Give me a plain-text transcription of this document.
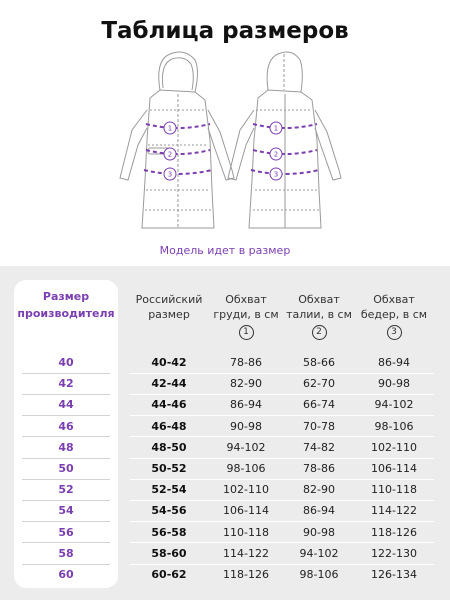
Таблица размеров
1
2
3
1
2
3
Модель идет в размер
Размер
производителя
Российский
размер
Обхват
груди, в см
1
Обхват
талии, в см
2
Обхват
бедер, в см
3
40	40-42	78-86	58-66	86-94
42	42-44	82-90	62-70	90-98
44	44-46	86-94	66-74	94-102
46	46-48	90-98	70-78	98-106
48	48-50	94-102	74-82	102-110
50	50-52	98-106	78-86	106-114
52	52-54	102-110	82-90	110-118
54	54-56	106-114	86-94	114-122
56	56-58	110-118	90-98	118-126
58	58-60	114-122	94-102	122-130
60	60-62	118-126	98-106	126-134
